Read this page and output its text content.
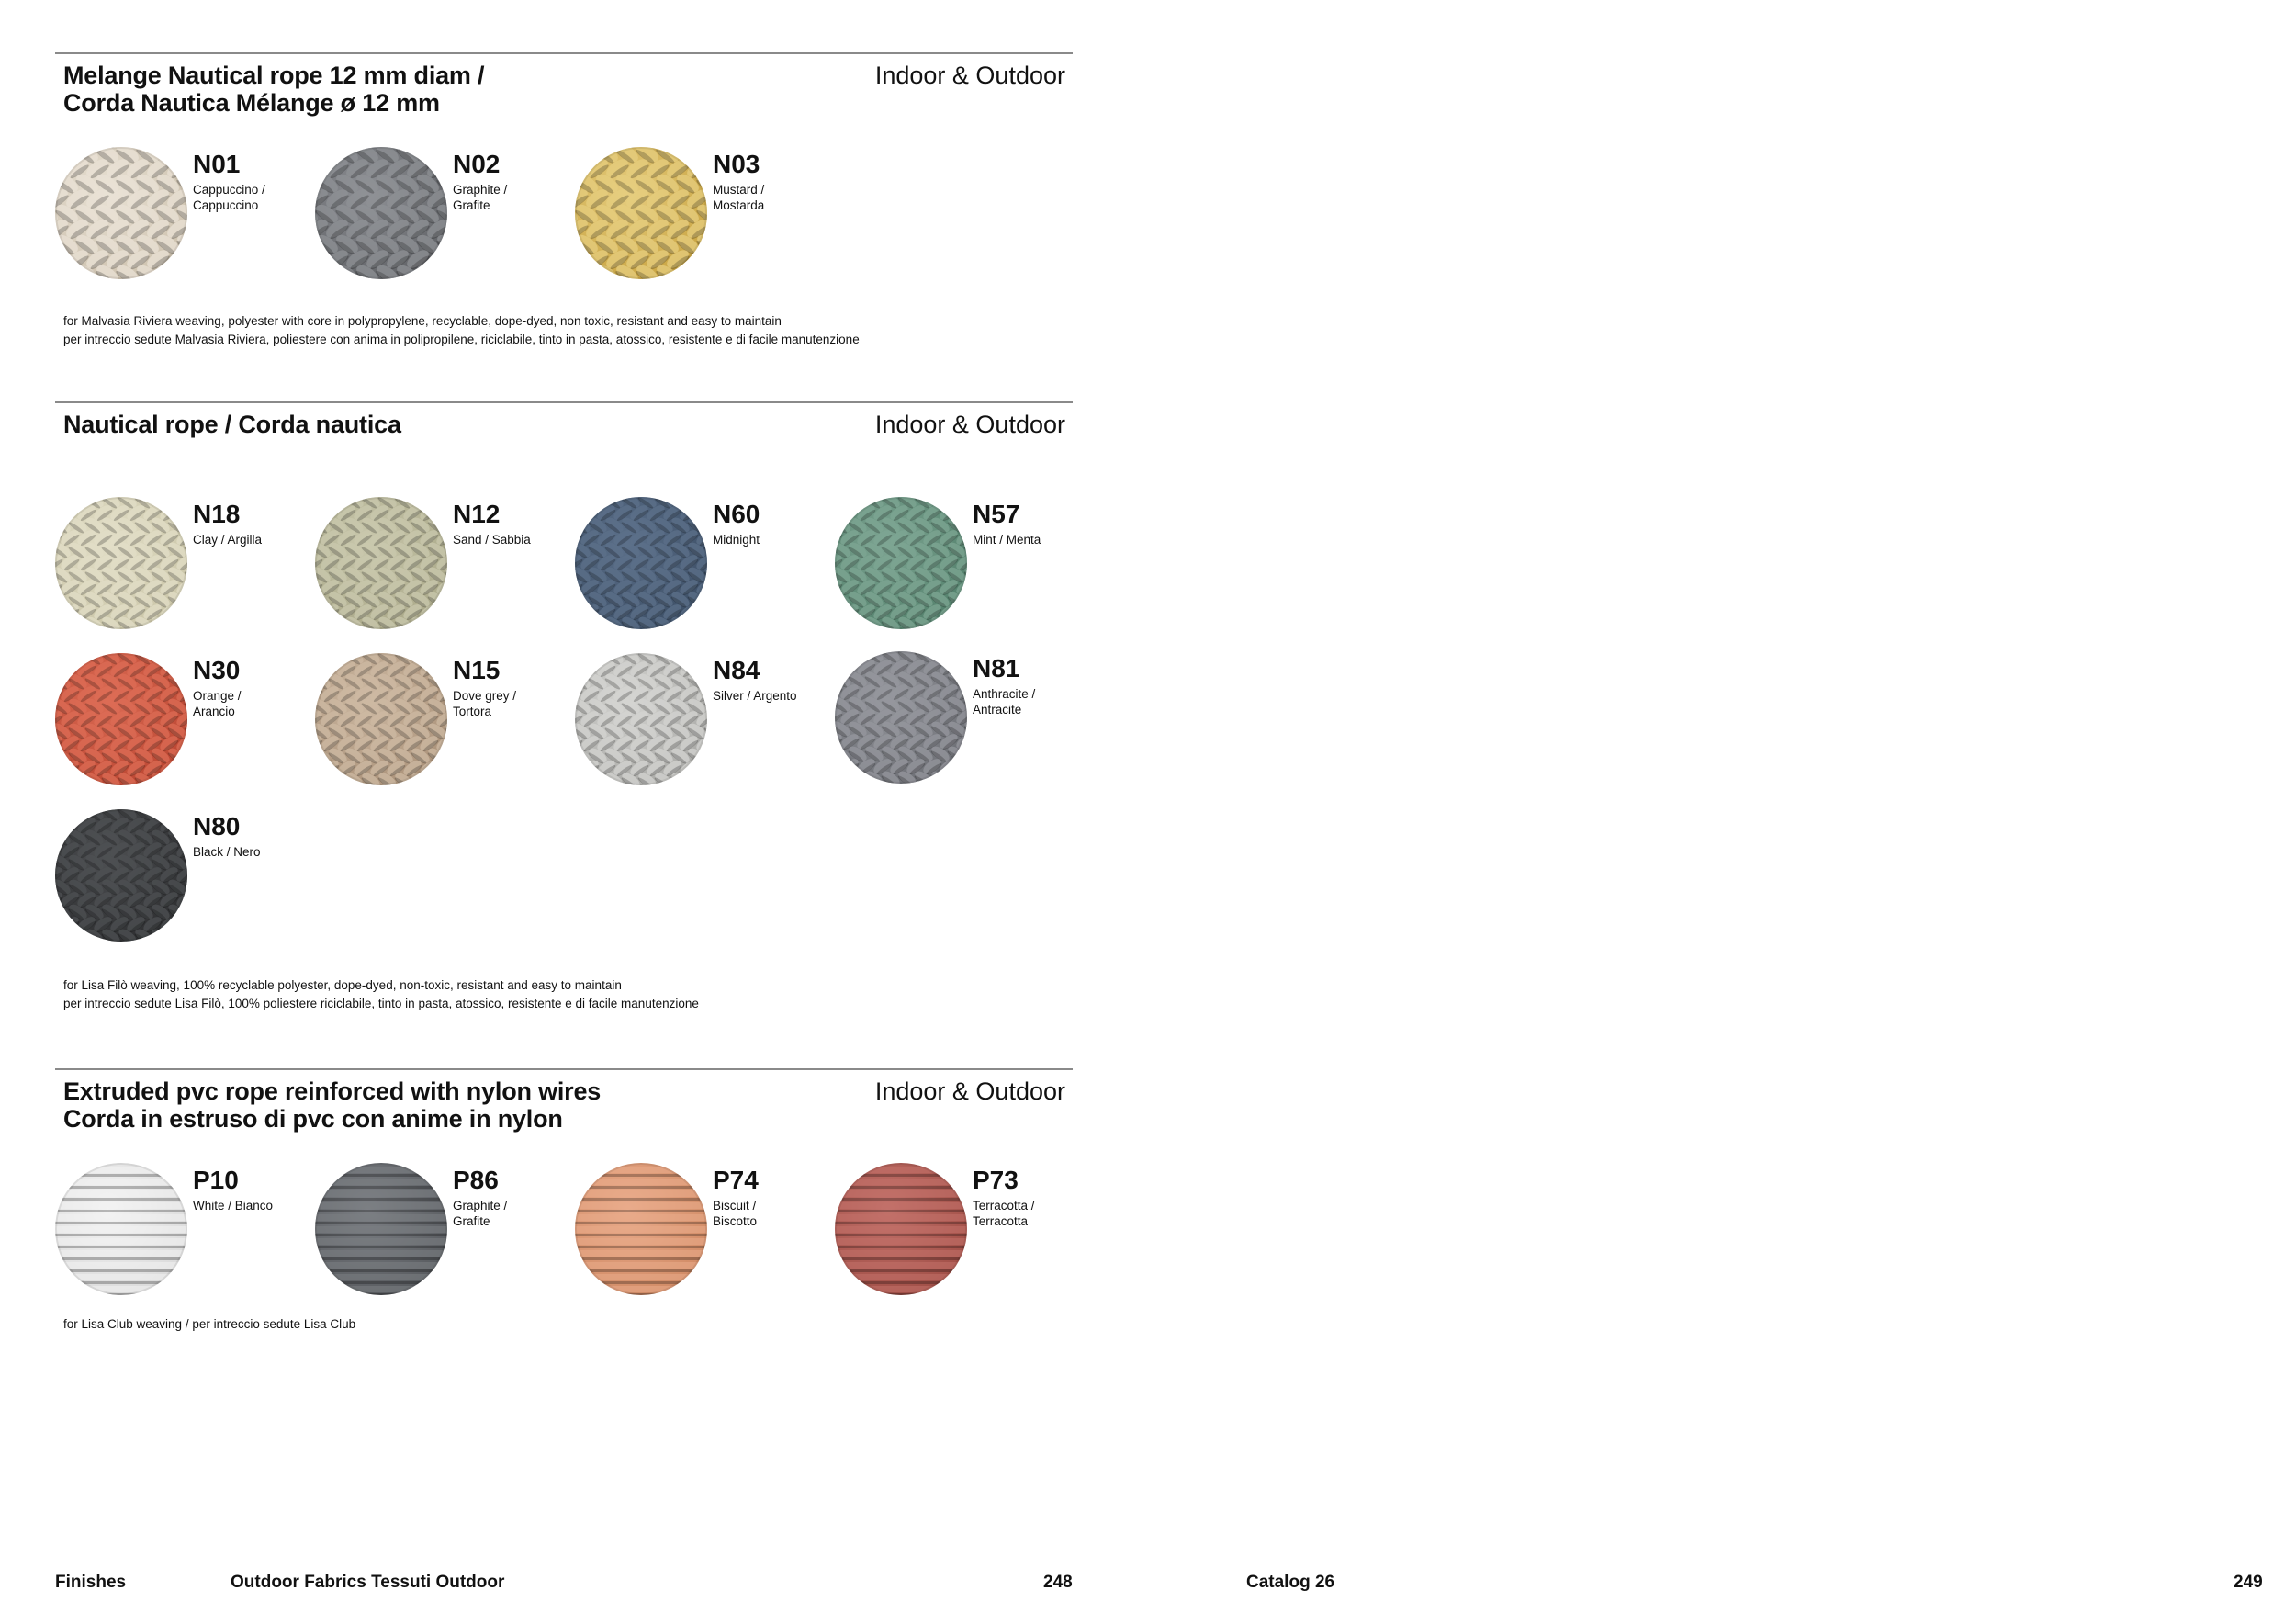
Melange Nautical rope 12 mm diam /
Corda Nautica Mélange ø 12 mm
Indoor & Outdoor
N01
Cappuccino /
Cappuccino
N02
Graphite /
Grafite
N03
Mustard /
Mostarda
for Malvasia Riviera weaving, polyester with core in polypropylene, recyclable, dope-dyed, non toxic, resistant and easy to maintain
per intreccio sedute Malvasia Riviera, poliestere con anima in polipropilene, riciclabile, tinto in pasta, atossico, resistente e di facile manutenzione
Nautical rope / Corda nautica	Indoor & Outdoor
N18
Clay / Argilla
N12
Sand / Sabbia
N60
Midnight
N57
Mint / Menta
N30
Orange /
Arancio
N15
Dove grey /
Tortora
N84
Silver / Argento
N81
Anthracite /
Antracite
N80
Black / Nero
for Lisa Filò weaving, 100% recyclable polyester, dope-dyed, non-toxic, resistant and easy to maintain
per intreccio sedute Lisa Filò, 100% poliestere riciclabile, tinto in pasta, atossico, resistente e di facile manutenzione
Extruded pvc rope reinforced with nylon wires
Corda in estruso di pvc con anime in nylon
Indoor & Outdoor
P10
White / Bianco
P86
Graphite /
Grafite
P74
Biscuit /
Biscotto
P73
Terracotta /
Terracotta
for Lisa Club weaving / per intreccio sedute Lisa Club
Finishes	Outdoor Fabrics Tessuti Outdoor	248	Catalog 26	249
